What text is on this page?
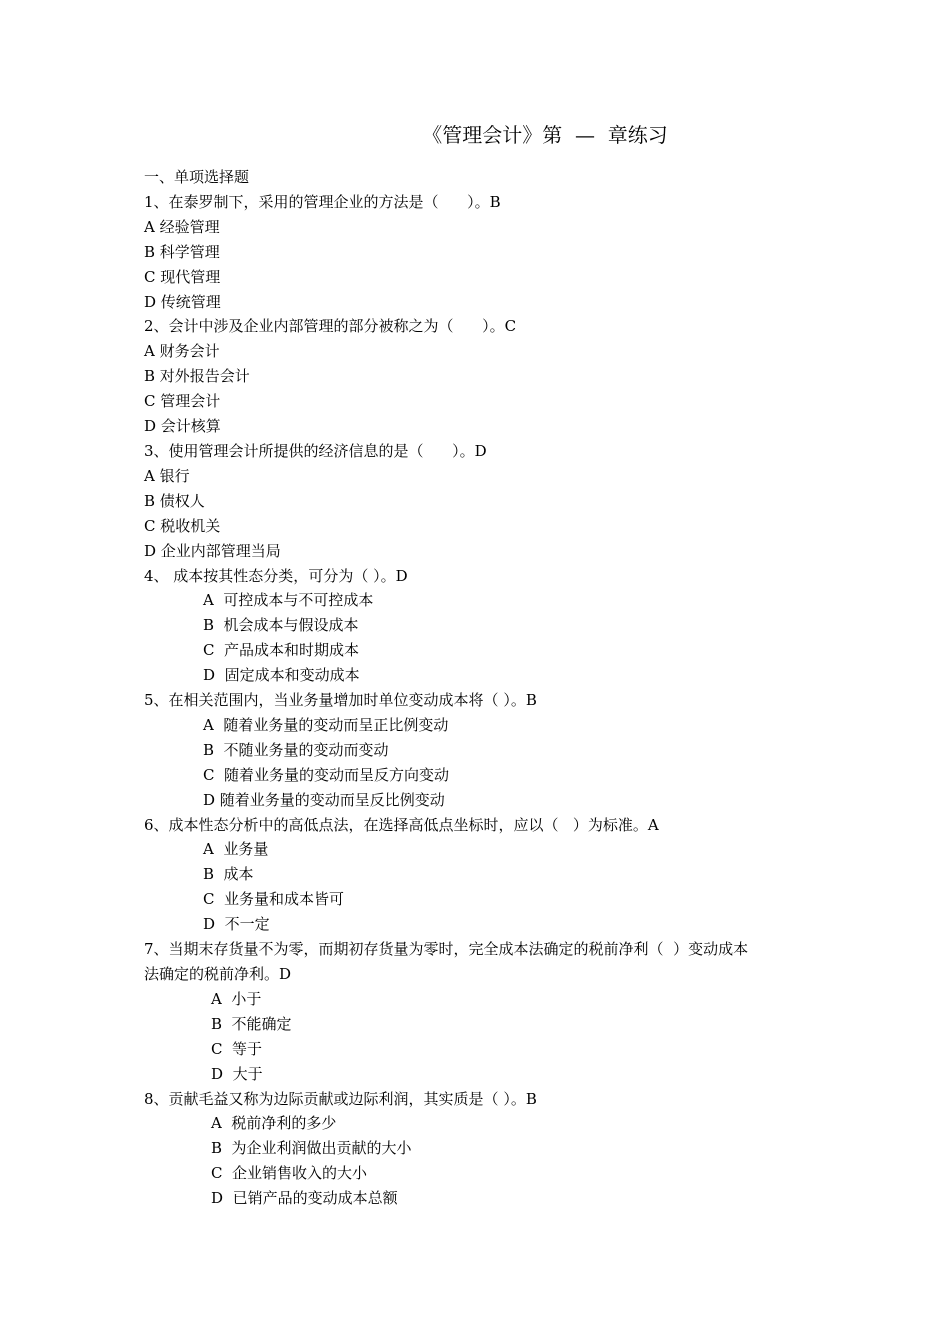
《管理会计》第  —  章练习
一、单项选择题
1、在泰罗制下，采用的管理企业的方法是（      ）。B
A 经验管理
B 科学管理
C 现代管理
D 传统管理
2、会计中涉及企业内部管理的部分被称之为（      ）。C
A 财务会计
B 对外报告会计
C 管理会计
D 会计核算
3、使用管理会计所提供的经济信息的是（      ）。D
A 银行
B 债权人
C 税收机关
D 企业内部管理当局
4、 成本按其性态分类，可分为（ ）。D
A  可控成本与不可控成本
B  机会成本与假设成本
C  产品成本和时期成本
D  固定成本和变动成本
5、在相关范围内，当业务量增加时单位变动成本将（ ）。B
A  随着业务量的变动而呈正比例变动
B  不随业务量的变动而变动
C  随着业务量的变动而呈反方向变动
D 随着业务量的变动而呈反比例变动
6、成本性态分析中的高低点法，在选择高低点坐标时，应以（   ）为标准。A
A  业务量
B  成本
C  业务量和成本皆可
D  不一定
7、当期末存货量不为零，而期初存货量为零时，完全成本法确定的税前净利（  ）变动成本
法确定的税前净利。D
A  小于
B  不能确定
C  等于
D  大于
8、贡献毛益又称为边际贡献或边际利润，其实质是（ ）。B
A  税前净利的多少
B  为企业利润做出贡献的大小
C  企业销售收入的大小
D  已销产品的变动成本总额
